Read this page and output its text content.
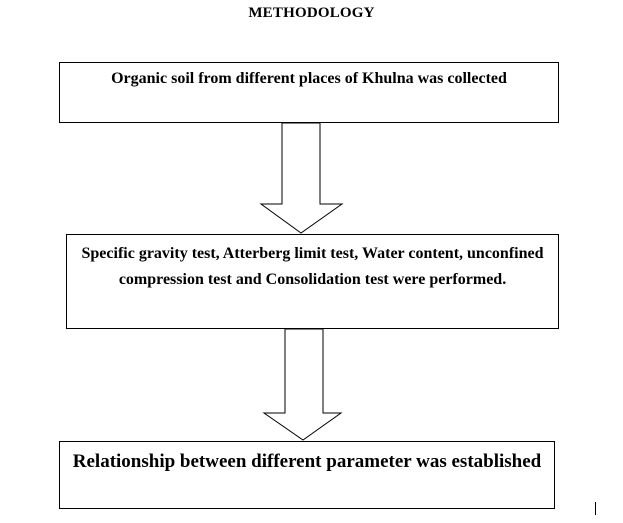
METHODOLOGY
Organic soil from different places of Khulna was collected
Specific gravity test, Atterberg limit test, Water content, unconfined compression test and Consolidation test were performed.
Relationship between different parameter was established
